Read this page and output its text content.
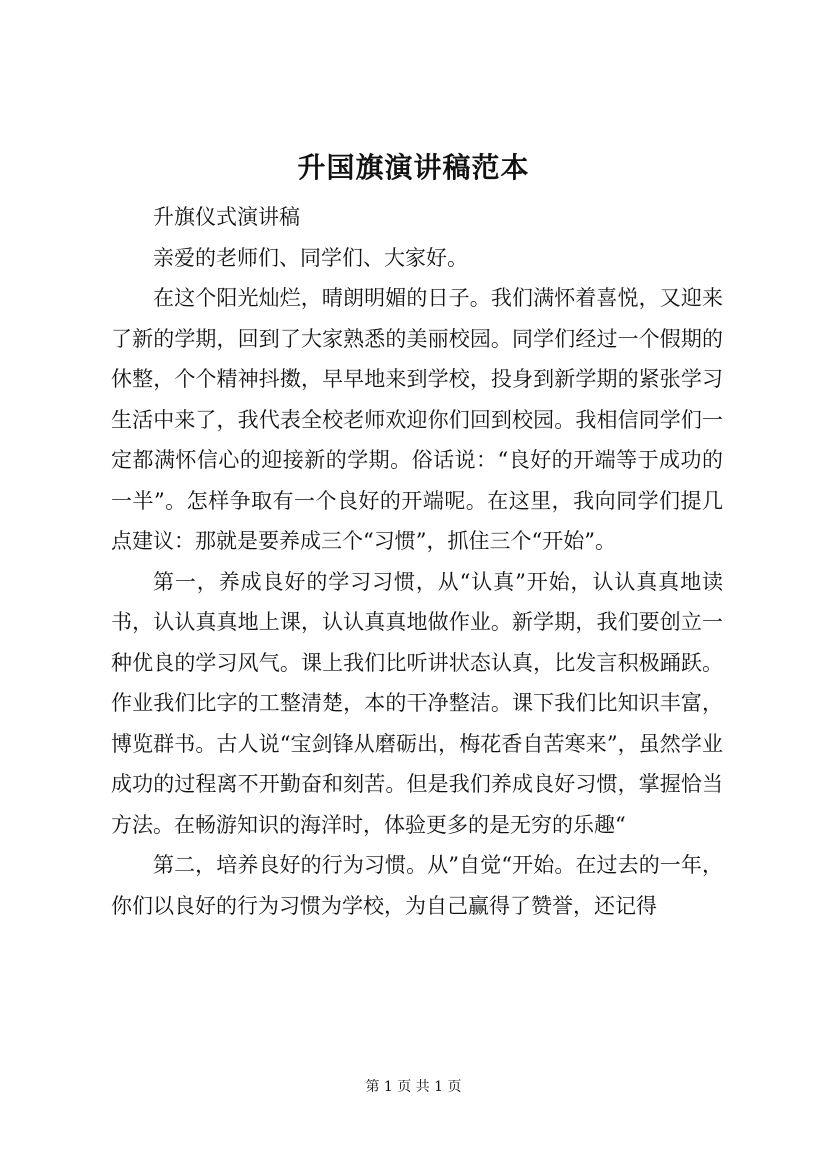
升国旗演讲稿范本

升旗仪式演讲稿

亲爱的老师们、同学们、大家好。

在这个阳光灿烂，晴朗明媚的日子。我们满怀着喜悦，又迎来了新的学期，回到了大家熟悉的美丽校园。同学们经过一个假期的休整，个个精神抖擞，早早地来到学校，投身到新学期的紧张学习生活中来了，我代表全校老师欢迎你们回到校园。我相信同学们一定都满怀信心的迎接新的学期。俗话说：“良好的开端等于成功的一半”。怎样争取有一个良好的开端呢。在这里，我向同学们提几点建议：那就是要养成三个“习惯”，抓住三个“开始”。

第一，养成良好的学习习惯，从“认真”开始，认认真真地读书，认认真真地上课，认认真真地做作业。新学期，我们要创立一种优良的学习风气。课上我们比听讲状态认真，比发言积极踊跃。作业我们比字的工整清楚，本的干净整洁。课下我们比知识丰富，博览群书。古人说“宝剑锋从磨砺出，梅花香自苦寒来”，虽然学业成功的过程离不开勤奋和刻苦。但是我们养成良好习惯，掌握恰当方法。在畅游知识的海洋时，体验更多的是无穷的乐趣“

第二，培养良好的行为习惯。从”自觉“开始。在过去的一年，你们以良好的行为习惯为学校，为自己赢得了赞誉，还记得

第 1 页 共 1 页
